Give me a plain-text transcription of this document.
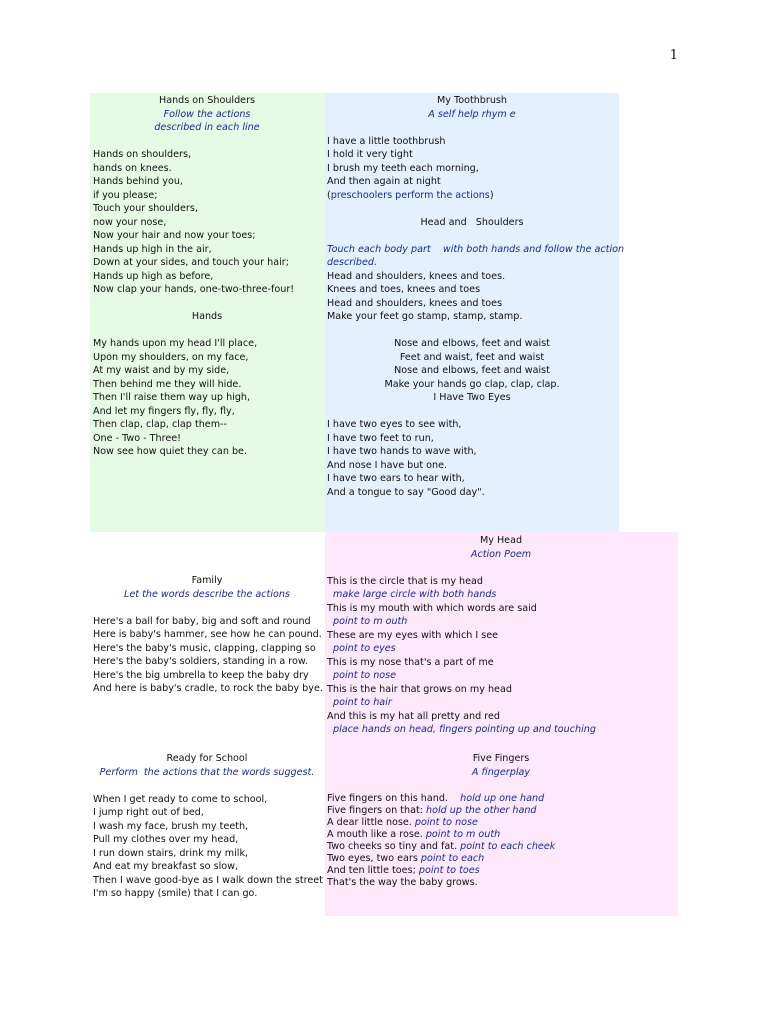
1
Hands on Shoulders
Follow the actions
described in each line
Hands on shoulders,
hands on knees.
Hands behind you,
if you please;
Touch your shoulders,
now your nose,
Now your hair and now your toes;
Hands up high in the air,
Down at your sides, and touch your hair;
Hands up high as before,
Now clap your hands, one-two-three-four!
Hands
My hands upon my head I'll place,
Upon my shoulders, on my face,
At my waist and by my side,
Then behind me they will hide.
Then I'll raise them way up high,
And let my fingers fly, fly, fly,
Then clap, clap, clap them--
One - Two - Three!
Now see how quiet they can be.
My Toothbrush
A self help rhym e
I have a little toothbrush
I hold it very tight
I brush my teeth each morning,
And then again at night
(preschoolers perform the actions)
Head and   Shoulders
Touch each body part    with both hands and follow the action
described.
Head and shoulders, knees and toes.
Knees and toes, knees and toes
Head and shoulders, knees and toes
Make your feet go stamp, stamp, stamp.
Nose and elbows, feet and waist
Feet and waist, feet and waist
Nose and elbows, feet and waist
Make your hands go clap, clap, clap.
I Have Two Eyes
I have two eyes to see with,
I have two feet to run,
I have two hands to wave with,
And nose I have but one.
I have two ears to hear with,
And a tongue to say "Good day".
Family
Let the words describe the actions
Here's a ball for baby, big and soft and round
Here is baby's hammer, see how he can pound.
Here's the baby's music, clapping, clapping so
Here's the baby's soldiers, standing in a row.
Here's the big umbrella to keep the baby dry
And here is baby's cradle, to rock the baby bye.
My Head
Action Poem
This is the circle that is my head
make large circle with both hands
This is my mouth with which words are said
point to m outh
These are my eyes with which I see
point to eyes
This is my nose that's a part of me
point to nose
This is the hair that grows on my head
point to hair
And this is my hat all pretty and red
place hands on head, fingers pointing up and touching
Ready for School
Perform  the actions that the words suggest.
When I get ready to come to school,
I jump right out of bed,
I wash my face, brush my teeth,
Pull my clothes over my head,
I run down stairs, drink my milk,
And eat my breakfast so slow,
Then I wave good-bye as I walk down the street
I'm so happy (smile) that I can go.
Five Fingers
A fingerplay
Five fingers on this hand.    hold up one hand
Five fingers on that: hold up the other hand
A dear little nose. point to nose
A mouth like a rose. point to m outh
Two cheeks so tiny and fat. point to each cheek
Two eyes, two ears point to each
And ten little toes; point to toes
That's the way the baby grows.
